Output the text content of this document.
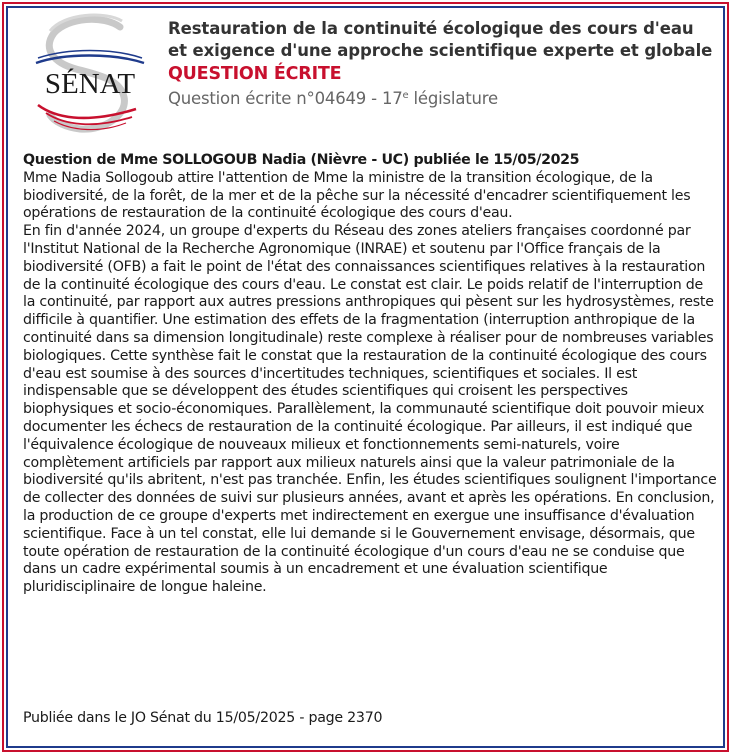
SÉNAT
Restauration de la continuité écologique des cours d'eau et exigence d'une approche scientifique experte et globale
QUESTION ÉCRITE
Question écrite n°04649 - 17e législature
Question de Mme SOLLOGOUB Nadia (Nièvre - UC) publiée le 15/05/2025

Mme Nadia Sollogoub attire l'attention de Mme la ministre de la transition écologique, de la biodiversité, de la forêt, de la mer et de la pêche sur la nécessité d'encadrer scientifiquement les opérations de restauration de la continuité écologique des cours d'eau.

En fin d'année 2024, un groupe d'experts du Réseau des zones ateliers françaises coordonné par l'Institut National de la Recherche Agronomique (INRAE) et soutenu par l'Office français de la biodiversité (OFB) a fait le point de l'état des connaissances scientifiques relatives à la restauration de la continuité écologique des cours d'eau. Le constat est clair. Le poids relatif de l'interruption de la continuité, par rapport aux autres pressions anthropiques qui pèsent sur les hydrosystèmes, reste difficile à quantifier. Une estimation des effets de la fragmentation (interruption anthropique de la continuité dans sa dimension longitudinale) reste complexe à réaliser pour de nombreuses variables biologiques. Cette synthèse fait le constat que la restauration de la continuité écologique des cours d'eau est soumise à des sources d'incertitudes techniques, scientifiques et sociales. Il est indispensable que se développent des études scientifiques qui croisent les perspectives biophysiques et socio-économiques. Parallèlement, la communauté scientifique doit pouvoir mieux documenter les échecs de restauration de la continuité écologique. Par ailleurs, il est indiqué que l'équivalence écologique de nouveaux milieux et fonctionnements semi-naturels, voire complètement artificiels par rapport aux milieux naturels ainsi que la valeur patrimoniale de la biodiversité qu'ils abritent, n'est pas tranchée. Enfin, les études scientifiques soulignent l'importance de collecter des données de suivi sur plusieurs années, avant et après les opérations. En conclusion, la production de ce groupe d'experts met indirectement en exergue une insuffisance d'évaluation scientifique. Face à un tel constat, elle lui demande si le Gouvernement envisage, désormais, que toute opération de restauration de la continuité écologique d'un cours d'eau ne se conduise que dans un cadre expérimental soumis à un encadrement et une évaluation scientifique pluridisciplinaire de longue haleine.

Publiée dans le JO Sénat du 15/05/2025 - page 2370
